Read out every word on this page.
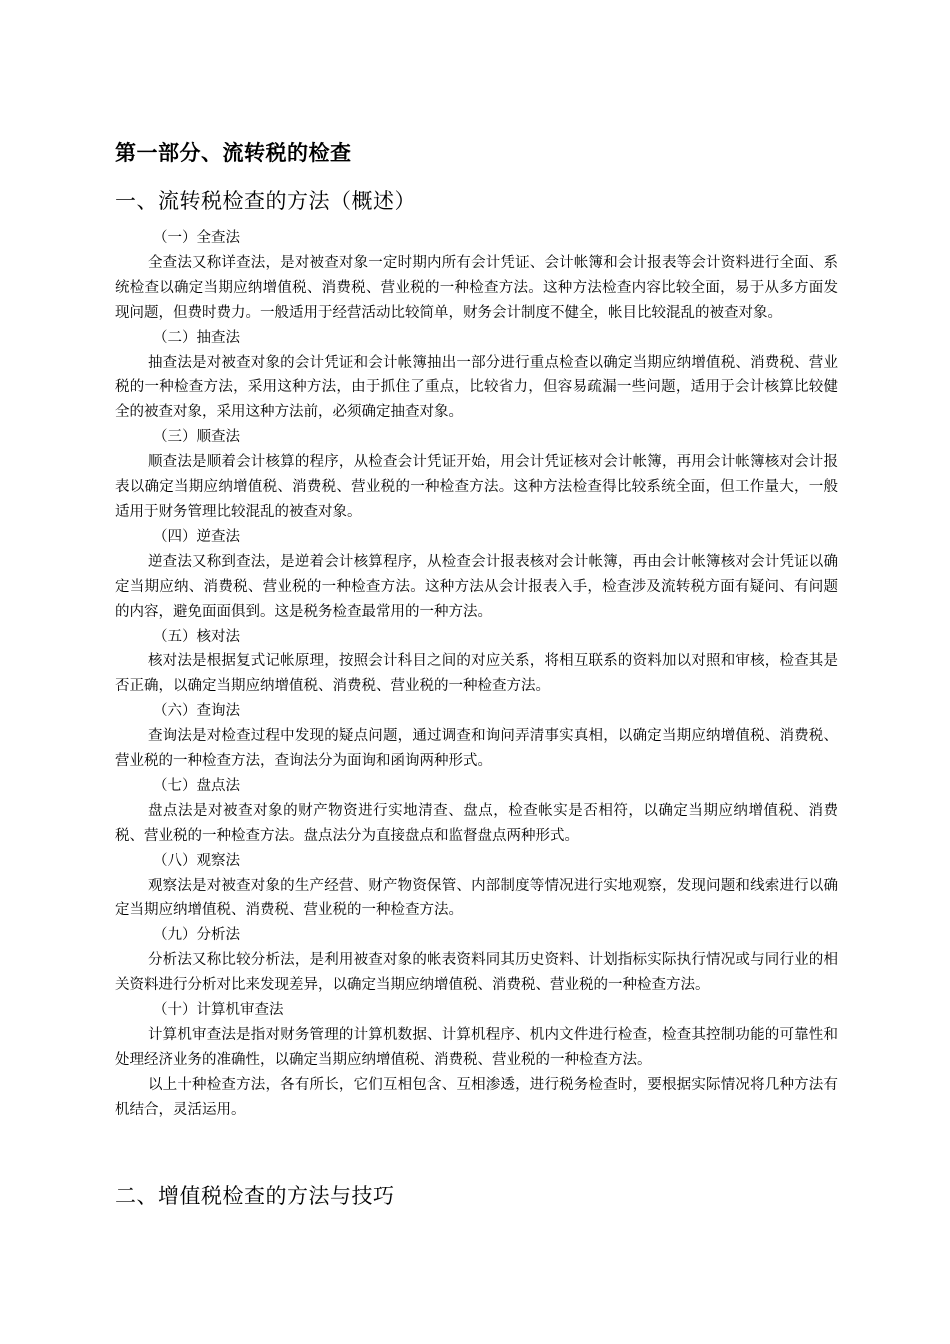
第一部分、流转税的检查
一、流转税检查的方法（概述）

（一）全查法

全查法又称详查法，是对被查对象一定时期内所有会计凭证、会计帐簿和会计报表等会计资料进行全面、系统检查以确定当期应纳增值税、消费税、营业税的一种检查方法。这种方法检查内容比较全面，易于从多方面发现问题，但费时费力。一般适用于经营活动比较简单，财务会计制度不健全，帐目比较混乱的被查对象。

（二）抽查法

抽查法是对被查对象的会计凭证和会计帐簿抽出一部分进行重点检查以确定当期应纳增值税、消费税、营业税的一种检查方法，采用这种方法，由于抓住了重点，比较省力，但容易疏漏一些问题，适用于会计核算比较健全的被查对象，采用这种方法前，必须确定抽查对象。

（三）顺查法

顺查法是顺着会计核算的程序，从检查会计凭证开始，用会计凭证核对会计帐簿，再用会计帐簿核对会计报表以确定当期应纳增值税、消费税、营业税的一种检查方法。这种方法检查得比较系统全面，但工作量大，一般适用于财务管理比较混乱的被查对象。

（四）逆查法

逆查法又称到查法，是逆着会计核算程序，从检查会计报表核对会计帐簿，再由会计帐簿核对会计凭证以确定当期应纳、消费税、营业税的一种检查方法。这种方法从会计报表入手，检查涉及流转税方面有疑问、有问题的内容，避免面面俱到。这是税务检查最常用的一种方法。

（五）核对法

核对法是根据复式记帐原理，按照会计科目之间的对应关系，将相互联系的资料加以对照和审核，检查其是否正确，以确定当期应纳增值税、消费税、营业税的一种检查方法。

（六）查询法

查询法是对检查过程中发现的疑点问题，通过调查和询问弄清事实真相，以确定当期应纳增值税、消费税、营业税的一种检查方法，查询法分为面询和函询两种形式。

（七）盘点法

盘点法是对被查对象的财产物资进行实地清查、盘点，检查帐实是否相符，以确定当期应纳增值税、消费税、营业税的一种检查方法。盘点法分为直接盘点和监督盘点两种形式。

（八）观察法

观察法是对被查对象的生产经营、财产物资保管、内部制度等情况进行实地观察，发现问题和线索进行以确定当期应纳增值税、消费税、营业税的一种检查方法。

（九）分析法

分析法又称比较分析法，是利用被查对象的帐表资料同其历史资料、计划指标实际执行情况或与同行业的相关资料进行分析对比来发现差异，以确定当期应纳增值税、消费税、营业税的一种检查方法。

（十）计算机审查法

计算机审查法是指对财务管理的计算机数据、计算机程序、机内文件进行检查，检查其控制功能的可靠性和处理经济业务的准确性，以确定当期应纳增值税、消费税、营业税的一种检查方法。

以上十种检查方法，各有所长，它们互相包含、互相渗透，进行税务检查时，要根据实际情况将几种方法有机结合，灵活运用。

二、增值税检查的方法与技巧
